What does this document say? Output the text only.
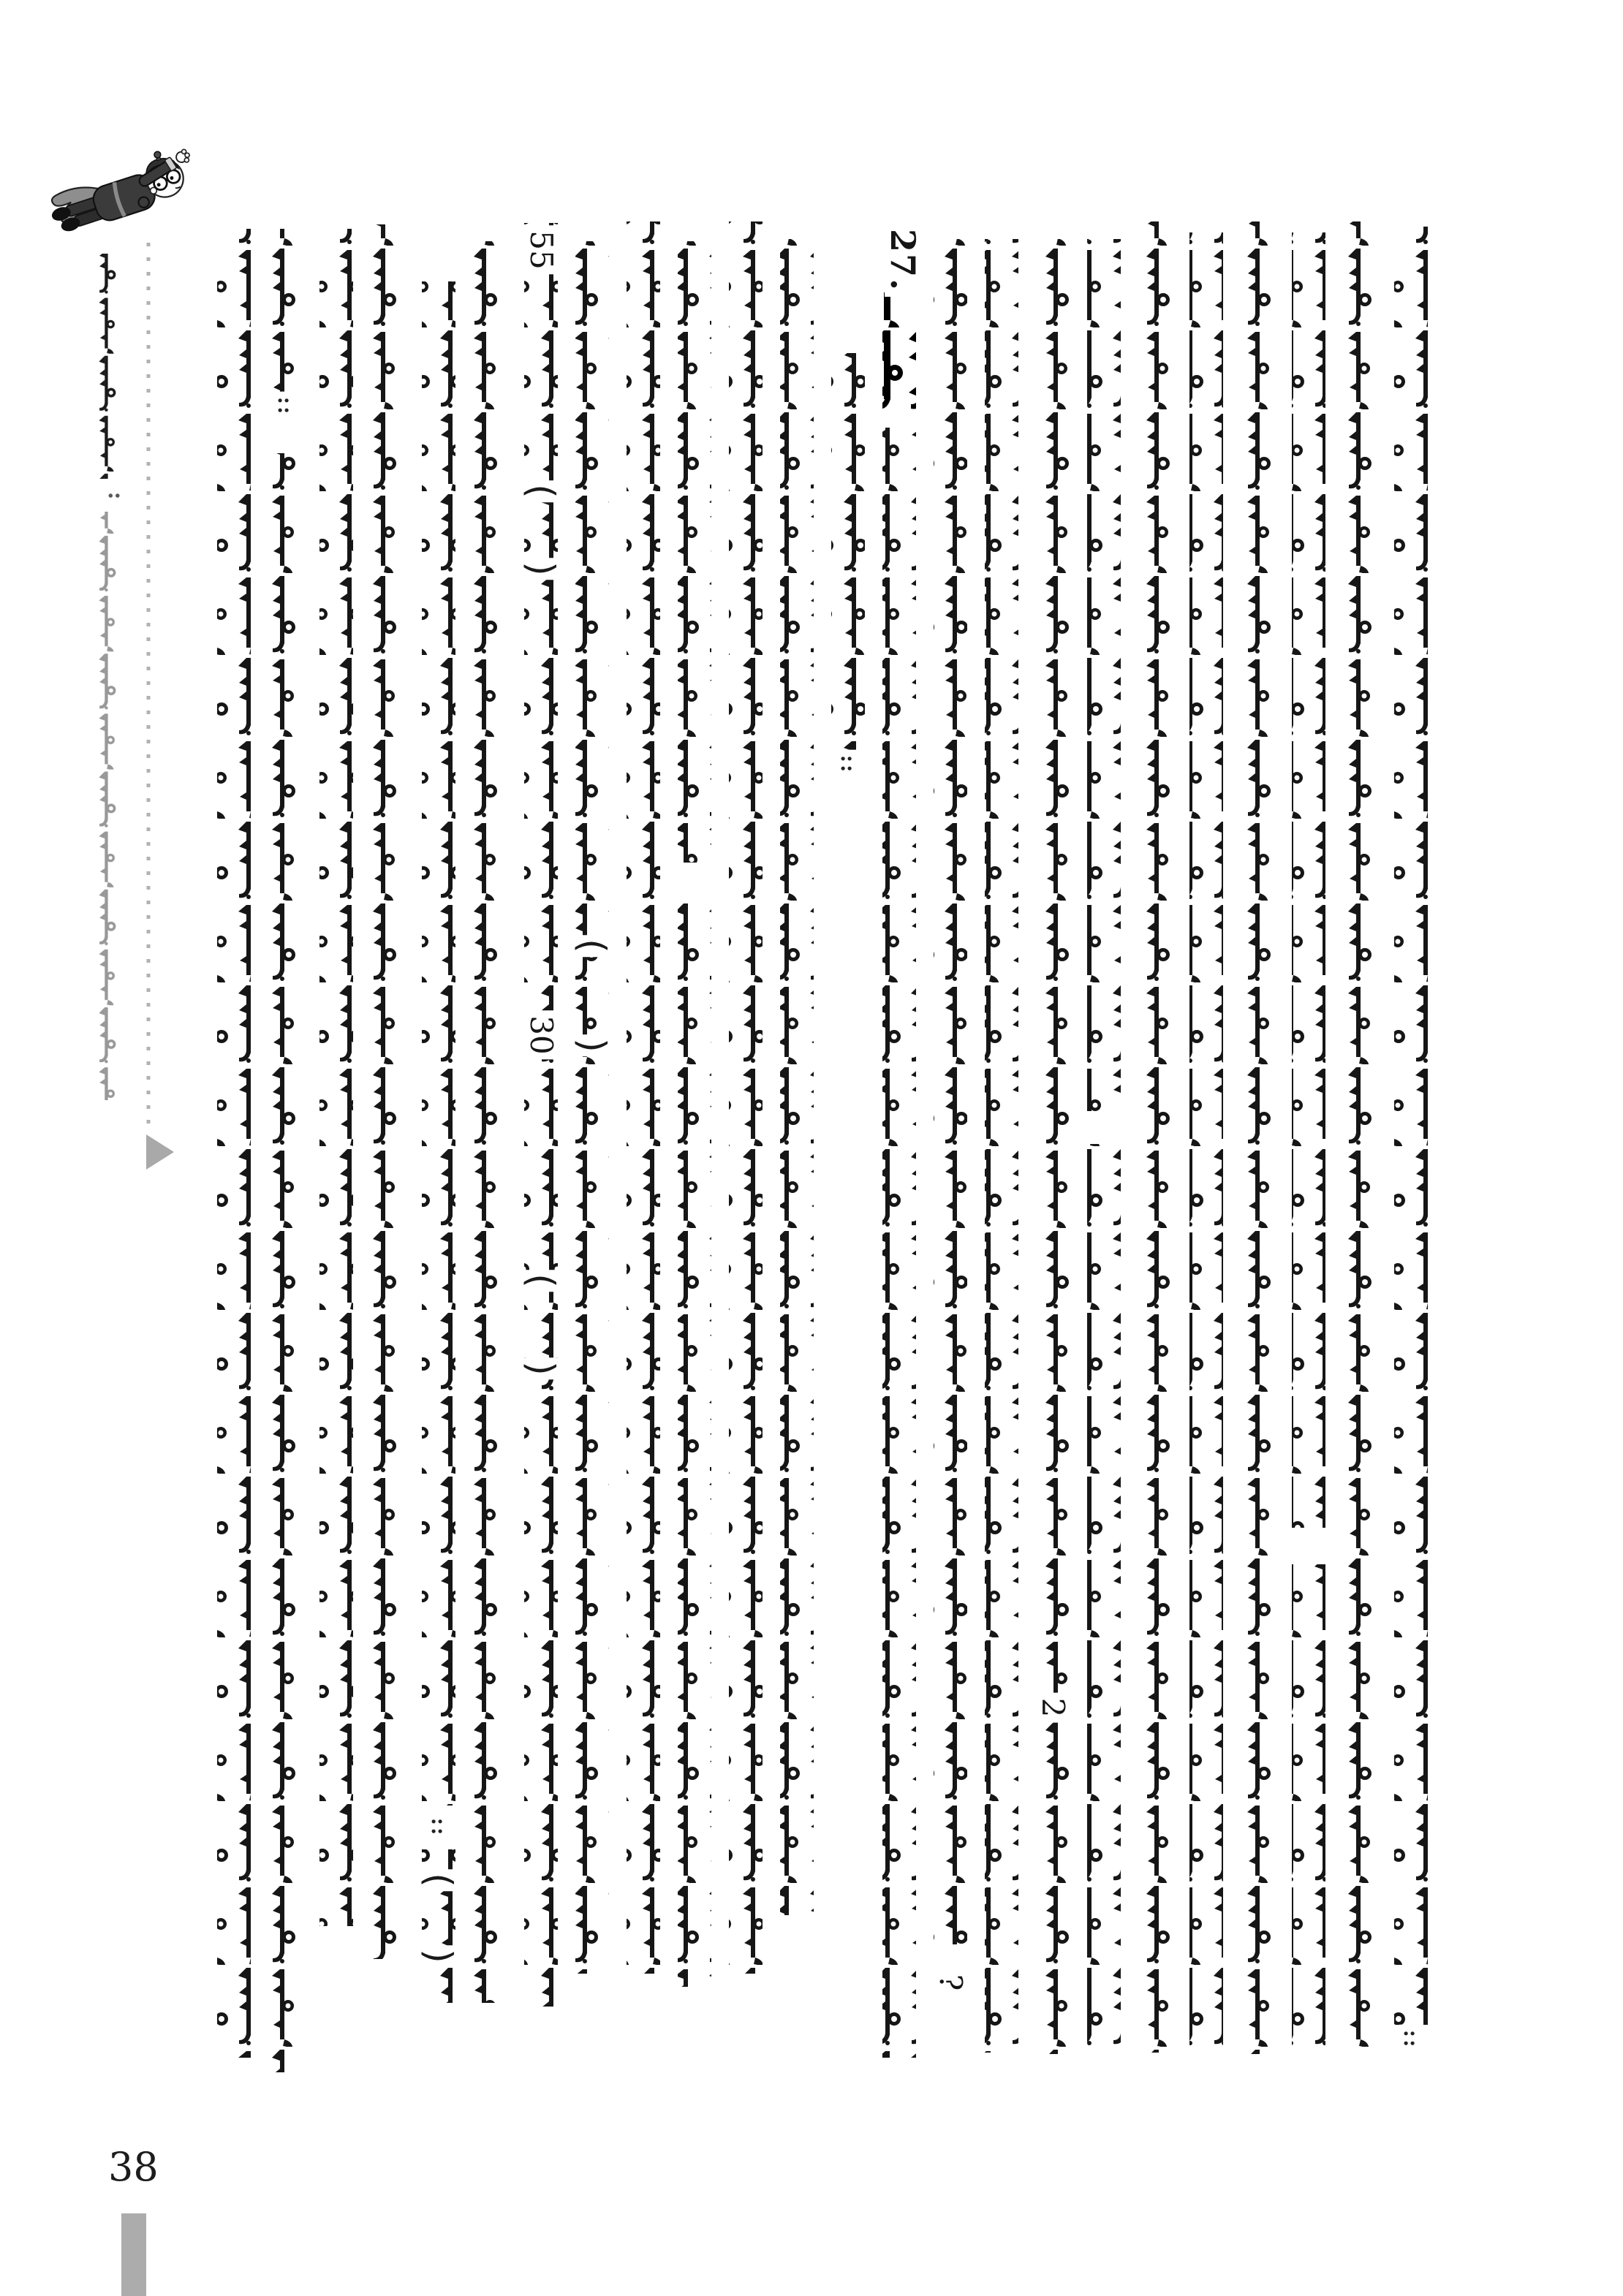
27.
55
30
2
?
(
)
(
)
(
)
(
)
::
::
::
::
:
38
